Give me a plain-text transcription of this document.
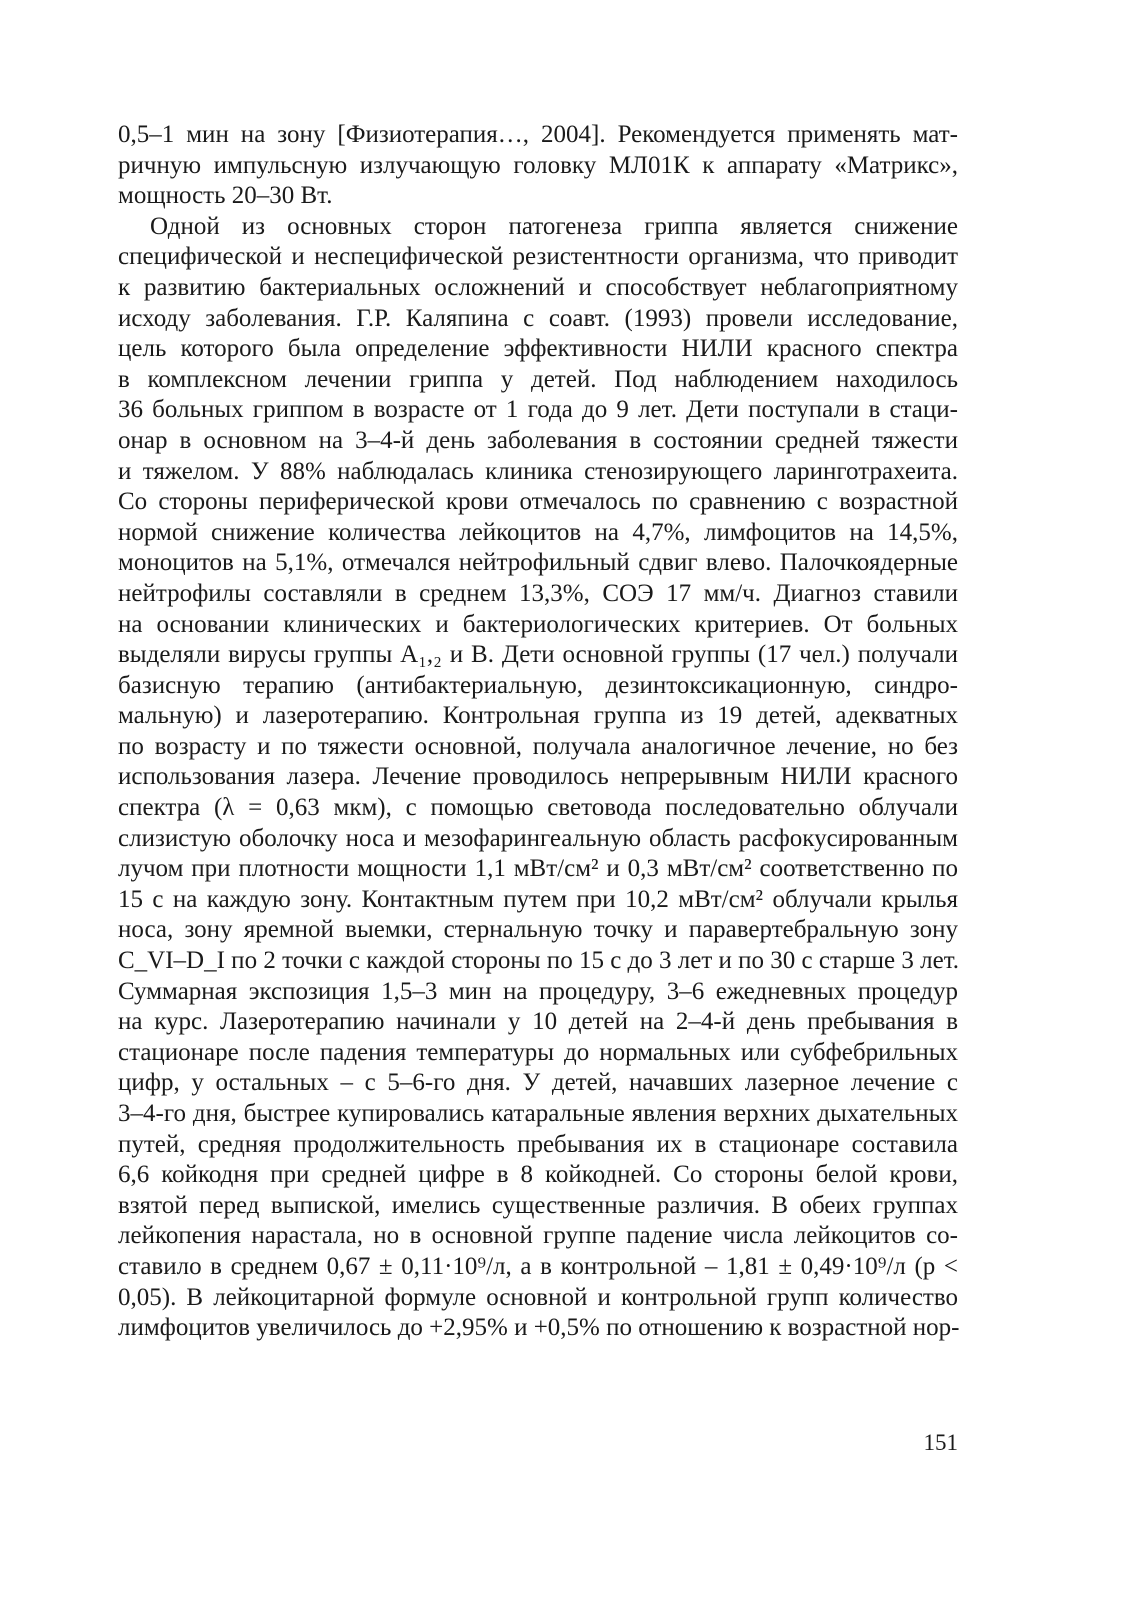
0,5–1 мин на зону [Физиотерапия…, 2004]. Рекомендуется применять мат-
ричную импульсную излучающую головку МЛ01К к аппарату «Матрикс»,
мощность 20–30 Вт.
Одной из основных сторон патогенеза гриппа является снижение
специфической и неспецифической резистентности организма, что приводит
к развитию бактериальных осложнений и способствует неблагоприятному
исходу заболевания. Г.Р. Каляпина с соавт. (1993) провели исследование,
цель которого была определение эффективности НИЛИ красного спектра
в комплексном лечении гриппа у детей. Под наблюдением находилось
36 больных гриппом в возрасте от 1 года до 9 лет. Дети поступали в стаци-
онар в основном на 3–4-й день заболевания в состоянии средней тяжести
и тяжелом. У 88% наблюдалась клиника стенозирующего ларинготрахеита.
Со стороны периферической крови отмечалось по сравнению с возрастной
нормой снижение количества лейкоцитов на 4,7%, лимфоцитов на 14,5%,
моноцитов на 5,1%, отмечался нейтрофильный сдвиг влево. Палочкоядерные
нейтрофилы составляли в среднем 13,3%, СОЭ 17 мм/ч. Диагноз ставили
на основании клинических и бактериологических критериев. От больных
выделяли вирусы группы A₁,₂ и B. Дети основной группы (17 чел.) получали
базисную терапию (антибактериальную, дезинтоксикационную, синдро-
мальную) и лазеротерапию. Контрольная группа из 19 детей, адекватных
по возрасту и по тяжести основной, получала аналогичное лечение, но без
использования лазера. Лечение проводилось непрерывным НИЛИ красного
спектра (λ = 0,63 мкм), с помощью световода последовательно облучали
слизистую оболочку носа и мезофарингеальную область расфокусированным
лучом при плотности мощности 1,1 мВт/см² и 0,3 мВт/см² соответственно по
15 с на каждую зону. Контактным путем при 10,2 мВт/см² облучали крылья
носа, зону яремной выемки, стернальную точку и паравертебральную зону
C_VI–D_I по 2 точки с каждой стороны по 15 с до 3 лет и по 30 с старше 3 лет.
Суммарная экспозиция 1,5–3 мин на процедуру, 3–6 ежедневных процедур
на курс. Лазеротерапию начинали у 10 детей на 2–4-й день пребывания в
стационаре после падения температуры до нормальных или субфебрильных
цифр, у остальных – с 5–6-го дня. У детей, начавших лазерное лечение с
3–4-го дня, быстрее купировались катаральные явления верхних дыхательных
путей, средняя продолжительность пребывания их в стационаре составила
6,6 койкодня при средней цифре в 8 койкодней. Со стороны белой крови,
взятой перед выпиской, имелись существенные различия. В обеих группах
лейкопения нарастала, но в основной группе падение числа лейкоцитов со-
ставило в среднем 0,67 ± 0,11·10⁹/л, а в контрольной – 1,81 ± 0,49·10⁹/л (р <
0,05). В лейкоцитарной формуле основной и контрольной групп количество
лимфоцитов увеличилось до +2,95% и +0,5% по отношению к возрастной нор-
151
